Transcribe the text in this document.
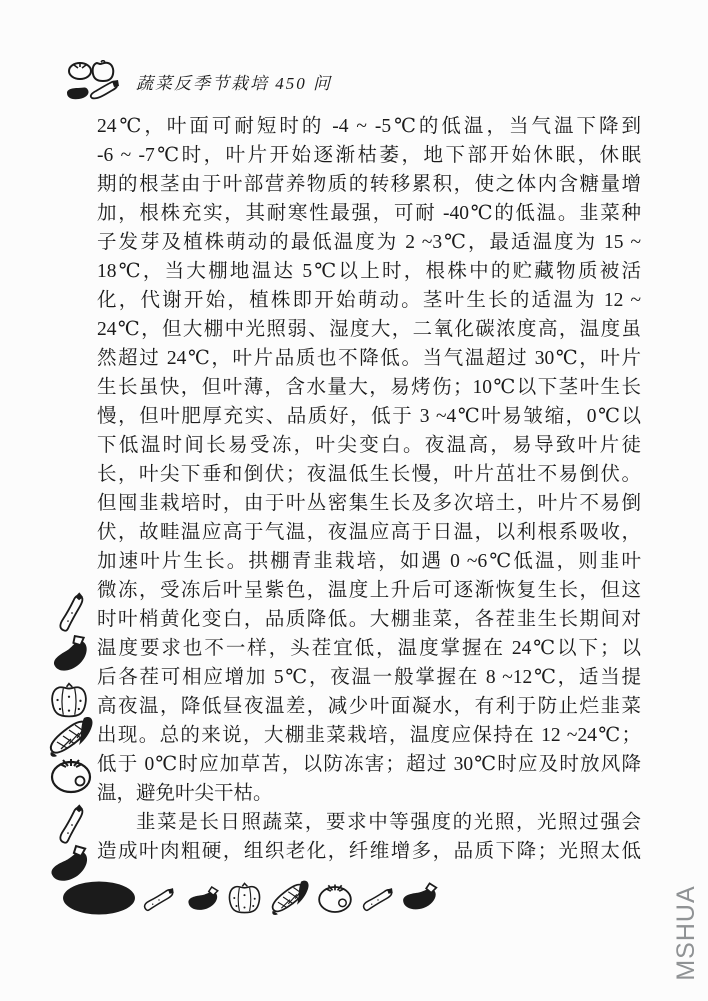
蔬菜反季节栽培 450 问
24℃，叶面可耐短时的 -4 ~ -5℃的低温，当气温下降到
-6 ~ -7℃时，叶片开始逐渐枯萎，地下部开始休眠，休眠
期的根茎由于叶部营养物质的转移累积，使之体内含糖量增
加，根株充实，其耐寒性最强，可耐 -40℃的低温。韭菜种
子发芽及植株萌动的最低温度为 2 ~3℃，最适温度为 15 ~
18℃，当大棚地温达 5℃以上时，根株中的贮藏物质被活
化，代谢开始，植株即开始萌动。茎叶生长的适温为 12 ~
24℃，但大棚中光照弱、湿度大，二氧化碳浓度高，温度虽
然超过 24℃，叶片品质也不降低。当气温超过 30℃，叶片
生长虽快，但叶薄，含水量大，易烤伤；10℃以下茎叶生长
慢，但叶肥厚充实、品质好，低于 3 ~4℃叶易皱缩，0℃以
下低温时间长易受冻，叶尖变白。夜温高，易导致叶片徒
长，叶尖下垂和倒伏；夜温低生长慢，叶片茁壮不易倒伏。
但囤韭栽培时，由于叶丛密集生长及多次培土，叶片不易倒
伏，故畦温应高于气温，夜温应高于日温，以利根系吸收，
加速叶片生长。拱棚青韭栽培，如遇 0 ~6℃低温，则韭叶
微冻，受冻后叶呈紫色，温度上升后可逐渐恢复生长，但这
时叶梢黄化变白，品质降低。大棚韭菜，各茬韭生长期间对
温度要求也不一样，头茬宜低，温度掌握在 24℃以下；以
后各茬可相应增加 5℃，夜温一般掌握在 8 ~12℃，适当提
高夜温，降低昼夜温差，减少叶面凝水，有利于防止烂韭菜
出现。总的来说，大棚韭菜栽培，温度应保持在 12 ~24℃；
低于 0℃时应加草苫，以防冻害；超过 30℃时应及时放风降
温，避免叶尖干枯。
韭菜是长日照蔬菜，要求中等强度的光照，光照过强会
造成叶肉粗硬，组织老化，纤维增多，品质下降；光照太低
MSHUA
